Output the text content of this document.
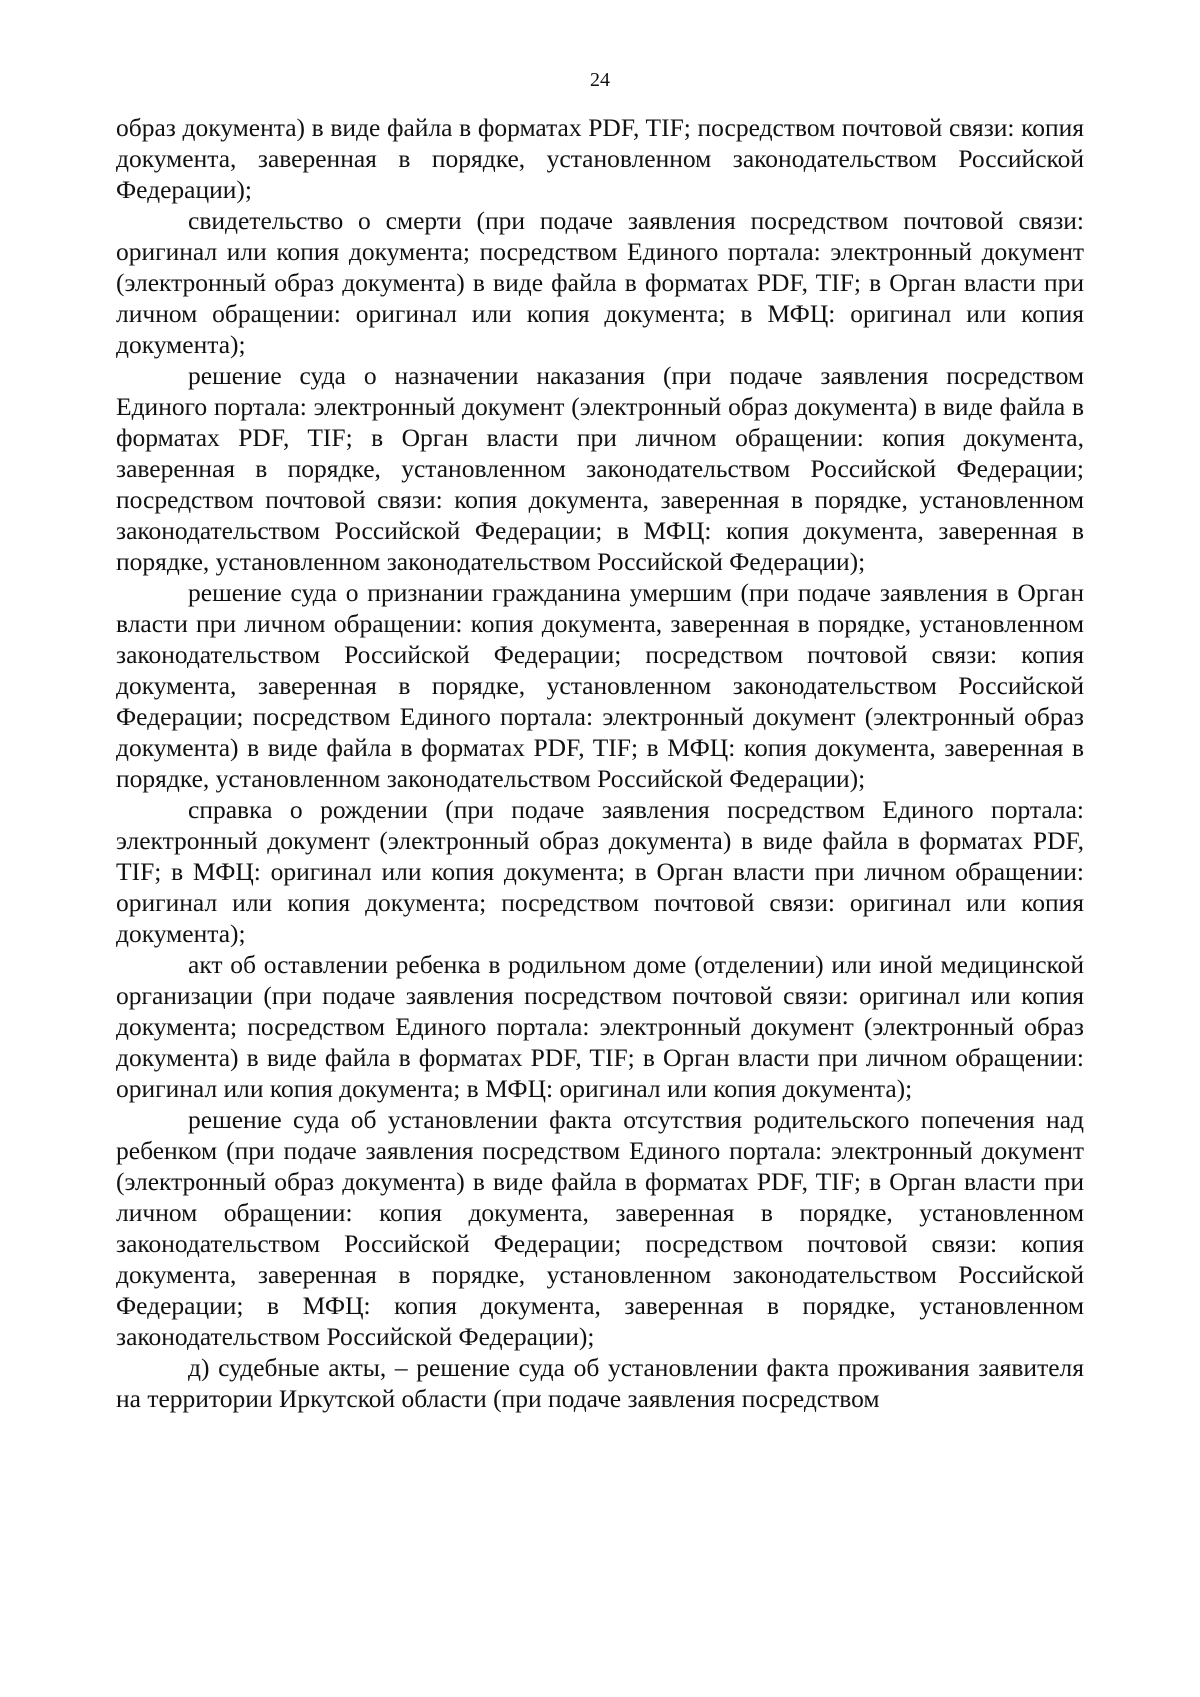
24

образ документа) в виде файла в форматах PDF, TIF; посредством почтовой связи: копия документа, заверенная в порядке, установленном законодательством Российской Федерации);

свидетельство о смерти (при подаче заявления посредством почтовой связи: оригинал или копия документа; посредством Единого портала: электронный документ (электронный образ документа) в виде файла в форматах PDF, TIF; в Орган власти при личном обращении: оригинал или копия документа; в МФЦ: оригинал или копия документа);

решение суда о назначении наказания (при подаче заявления посредством Единого портала: электронный документ (электронный образ документа) в виде файла в форматах PDF, TIF; в Орган власти при личном обращении: копия документа, заверенная в порядке, установленном законодательством Российской Федерации; посредством почтовой связи: копия документа, заверенная в порядке, установленном законодательством Российской Федерации; в МФЦ: копия документа, заверенная в порядке, установленном законодательством Российской Федерации);

решение суда о признании гражданина умершим (при подаче заявления в Орган власти при личном обращении: копия документа, заверенная в порядке, установленном законодательством Российской Федерации; посредством почтовой связи: копия документа, заверенная в порядке, установленном законодательством Российской Федерации; посредством Единого портала: электронный документ (электронный образ документа) в виде файла в форматах PDF, TIF; в МФЦ: копия документа, заверенная в порядке, установленном законодательством Российской Федерации);

справка о рождении (при подаче заявления посредством Единого портала: электронный документ (электронный образ документа) в виде файла в форматах PDF, TIF; в МФЦ: оригинал или копия документа; в Орган власти при личном обращении: оригинал или копия документа; посредством почтовой связи: оригинал или копия документа);

акт об оставлении ребенка в родильном доме (отделении) или иной медицинской организации (при подаче заявления посредством почтовой связи: оригинал или копия документа; посредством Единого портала: электронный документ (электронный образ документа) в виде файла в форматах PDF, TIF; в Орган власти при личном обращении: оригинал или копия документа; в МФЦ: оригинал или копия документа);

решение суда об установлении факта отсутствия родительского попечения над ребенком (при подаче заявления посредством Единого портала: электронный документ (электронный образ документа) в виде файла в форматах PDF, TIF; в Орган власти при личном обращении: копия документа, заверенная в порядке, установленном законодательством Российской Федерации; посредством почтовой связи: копия документа, заверенная в порядке, установленном законодательством Российской Федерации; в МФЦ: копия документа, заверенная в порядке, установленном законодательством Российской Федерации);

д) судебные акты, – решение суда об установлении факта проживания заявителя на территории Иркутской области (при подаче заявления посредством
